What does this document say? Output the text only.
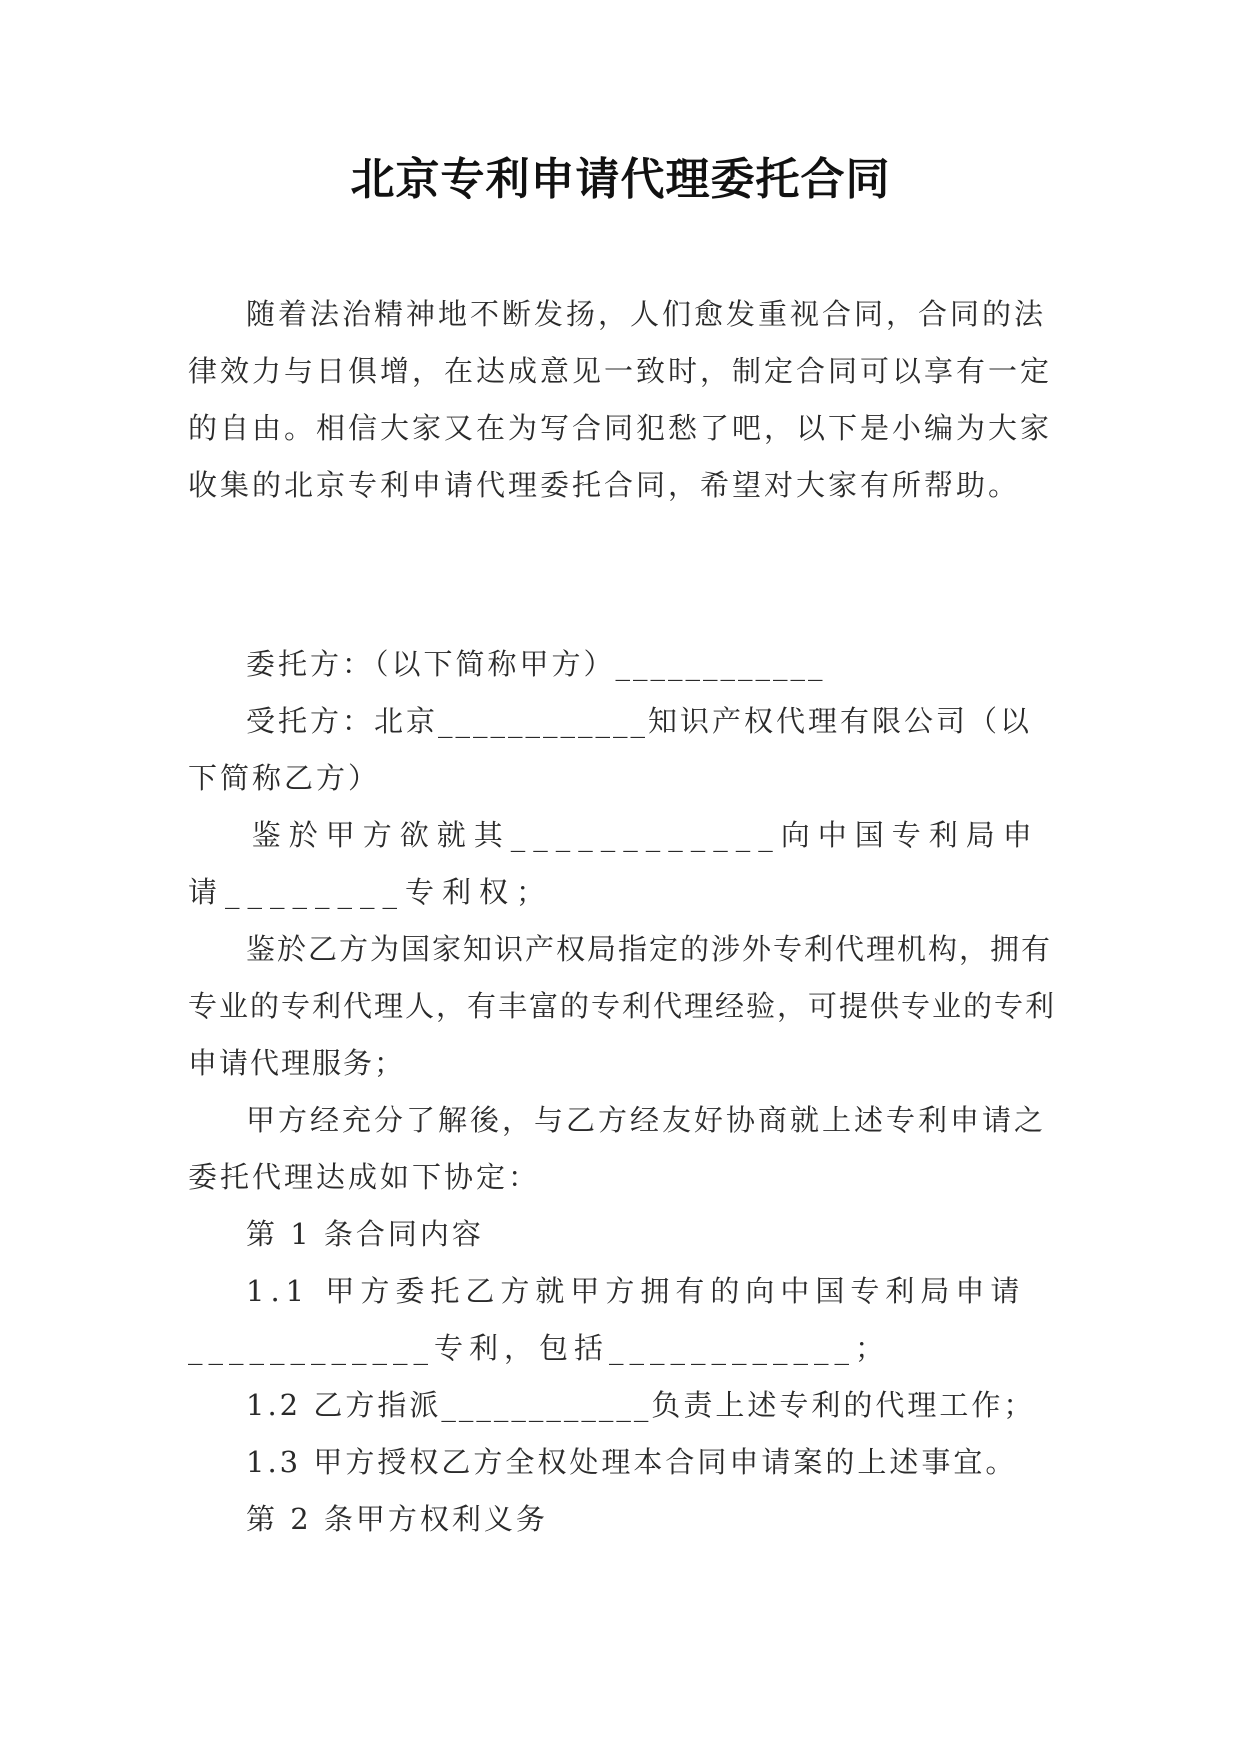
北京专利申请代理委托合同

随着法治精神地不断发扬，人们愈发重视合同，合同的法律效力与日俱增，在达成意见一致时，制定合同可以享有一定的自由。相信大家又在为写合同犯愁了吧，以下是小编为大家收集的北京专利申请代理委托合同，希望对大家有所帮助。

委托方：（以下简称甲方）____________

受托方：北京____________知识产权代理有限公司（以下简称乙方）

鉴於甲方欲就其____________向中国专利局申请________专利权；

鉴於乙方为国家知识产权局指定的涉外专利代理机构，拥有专业的专利代理人，有丰富的专利代理经验，可提供专业的专利申请代理服务；

甲方经充分了解後，与乙方经友好协商就上述专利申请之委托代理达成如下协定：

第 1 条合同内容

1.1 甲方委托乙方就甲方拥有的向中国专利局申请____________专利，包括____________；

1.2 乙方指派____________负责上述专利的代理工作；

1.3 甲方授权乙方全权处理本合同申请案的上述事宜。

第 2 条甲方权利义务
